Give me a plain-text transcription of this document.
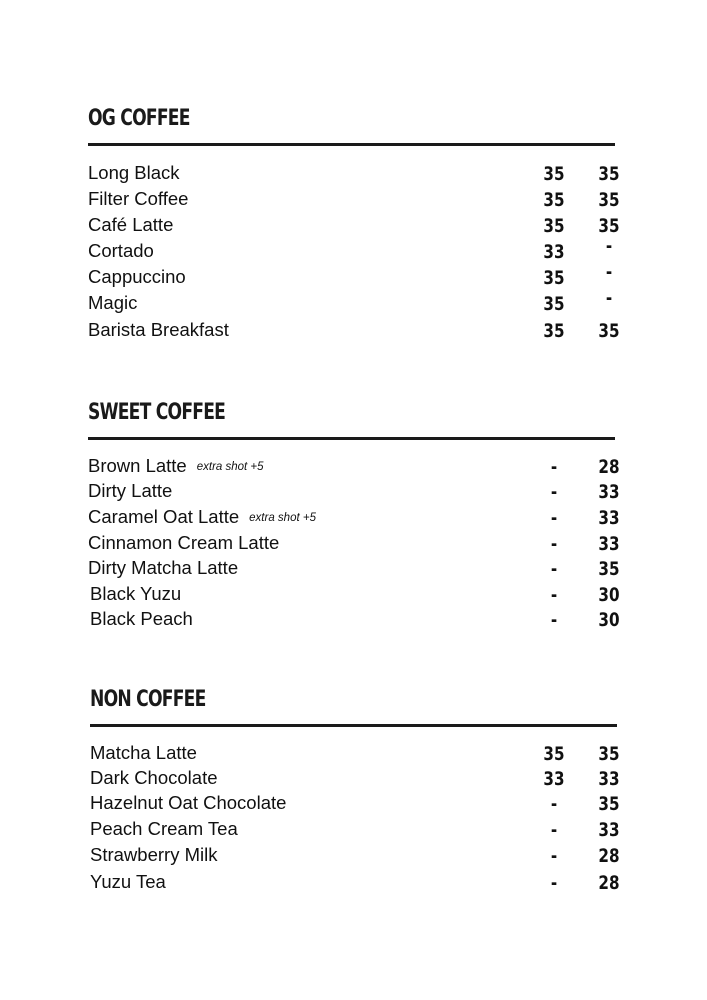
OG COFFEE
Long Black	35 35
Filter Coffee	35 35
Café Latte	35 35
Cortado	33	-
Cappuccino	35	-
Magic	35	-
Barista Breakfast	35 35
SWEET COFFEE
Brown Latte extra shot +5	-	28
Dirty Latte	-	33
Caramel Oat Latte extra shot +5	-	33
Cinnamon Cream Latte	-	33
Dirty Matcha Latte	-	35
Black Yuzu	-	30
Black Peach	-	30
NON COFFEE
Matcha Latte	35 35
Dark Chocolate	33 33
Hazelnut Oat Chocolate	-	35
Peach Cream Tea	-	33
Strawberry Milk	-	28
Yuzu Tea	-	28
